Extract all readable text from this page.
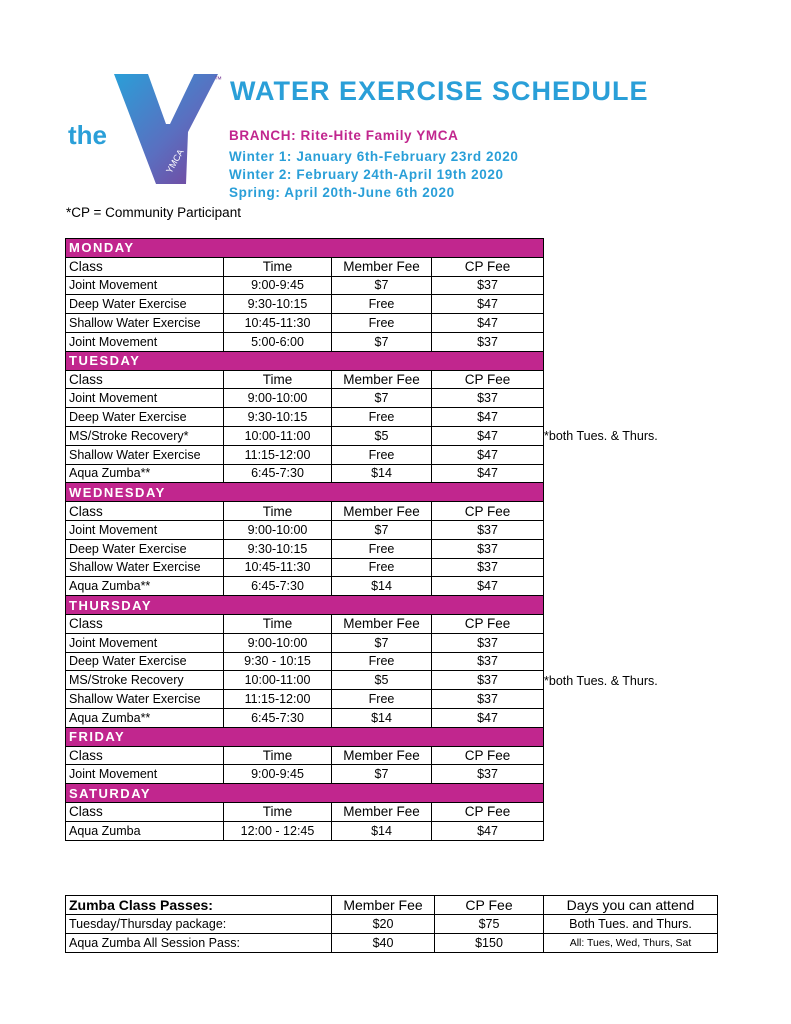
the
YMCA
™ WATER EXERCISE SCHEDULE
BRANCH: Rite-Hite Family YMCA
Winter 1: January 6th-February 23rd 2020
Winter 2: February 24th-April 19th 2020
Spring: April 20th-June 6th 2020
*CP = Community Participant
MONDAY			
Class	Time	Member Fee	CP Fee
Joint Movement	9:00-9:45	$7	$37
Deep Water Exercise	9:30-10:15	Free	$47
Shallow Water Exercise	10:45-11:30	Free	$47
Joint Movement	5:00-6:00	$7	$37
TUESDAY			
Class	Time	Member Fee	CP Fee
Joint Movement	9:00-10:00	$7	$37
Deep Water Exercise	9:30-10:15	Free	$47
MS/Stroke Recovery*	10:00-11:00	$5	$47
Shallow Water Exercise	11:15-12:00	Free	$47
Aqua Zumba**	6:45-7:30	$14	$47
WEDNESDAY			
Class	Time	Member Fee	CP Fee
Joint Movement	9:00-10:00	$7	$37
Deep Water Exercise	9:30-10:15	Free	$37
Shallow Water Exercise	10:45-11:30	Free	$37
Aqua Zumba**	6:45-7:30	$14	$47
THURSDAY			
Class	Time	Member Fee	CP Fee
Joint Movement	9:00-10:00	$7	$37
Deep Water Exercise	9:30 - 10:15	Free	$37
MS/Stroke Recovery	10:00-11:00	$5	$37
Shallow Water Exercise	11:15-12:00	Free	$37
Aqua Zumba**	6:45-7:30	$14	$47
FRIDAY			
Class	Time	Member Fee	CP Fee
Joint Movement	9:00-9:45	$7	$37
SATURDAY			
Class	Time	Member Fee	CP Fee
Aqua Zumba	12:00 - 12:45	$14	$47
*both Tues. & Thurs.
*both Tues. & Thurs.
Zumba Class Passes:	Member Fee	CP Fee	Days you can attend
Tuesday/Thursday package:	$20	$75	Both Tues. and Thurs.
Aqua Zumba All Session Pass:	$40	$150	All: Tues, Wed, Thurs, Sat
